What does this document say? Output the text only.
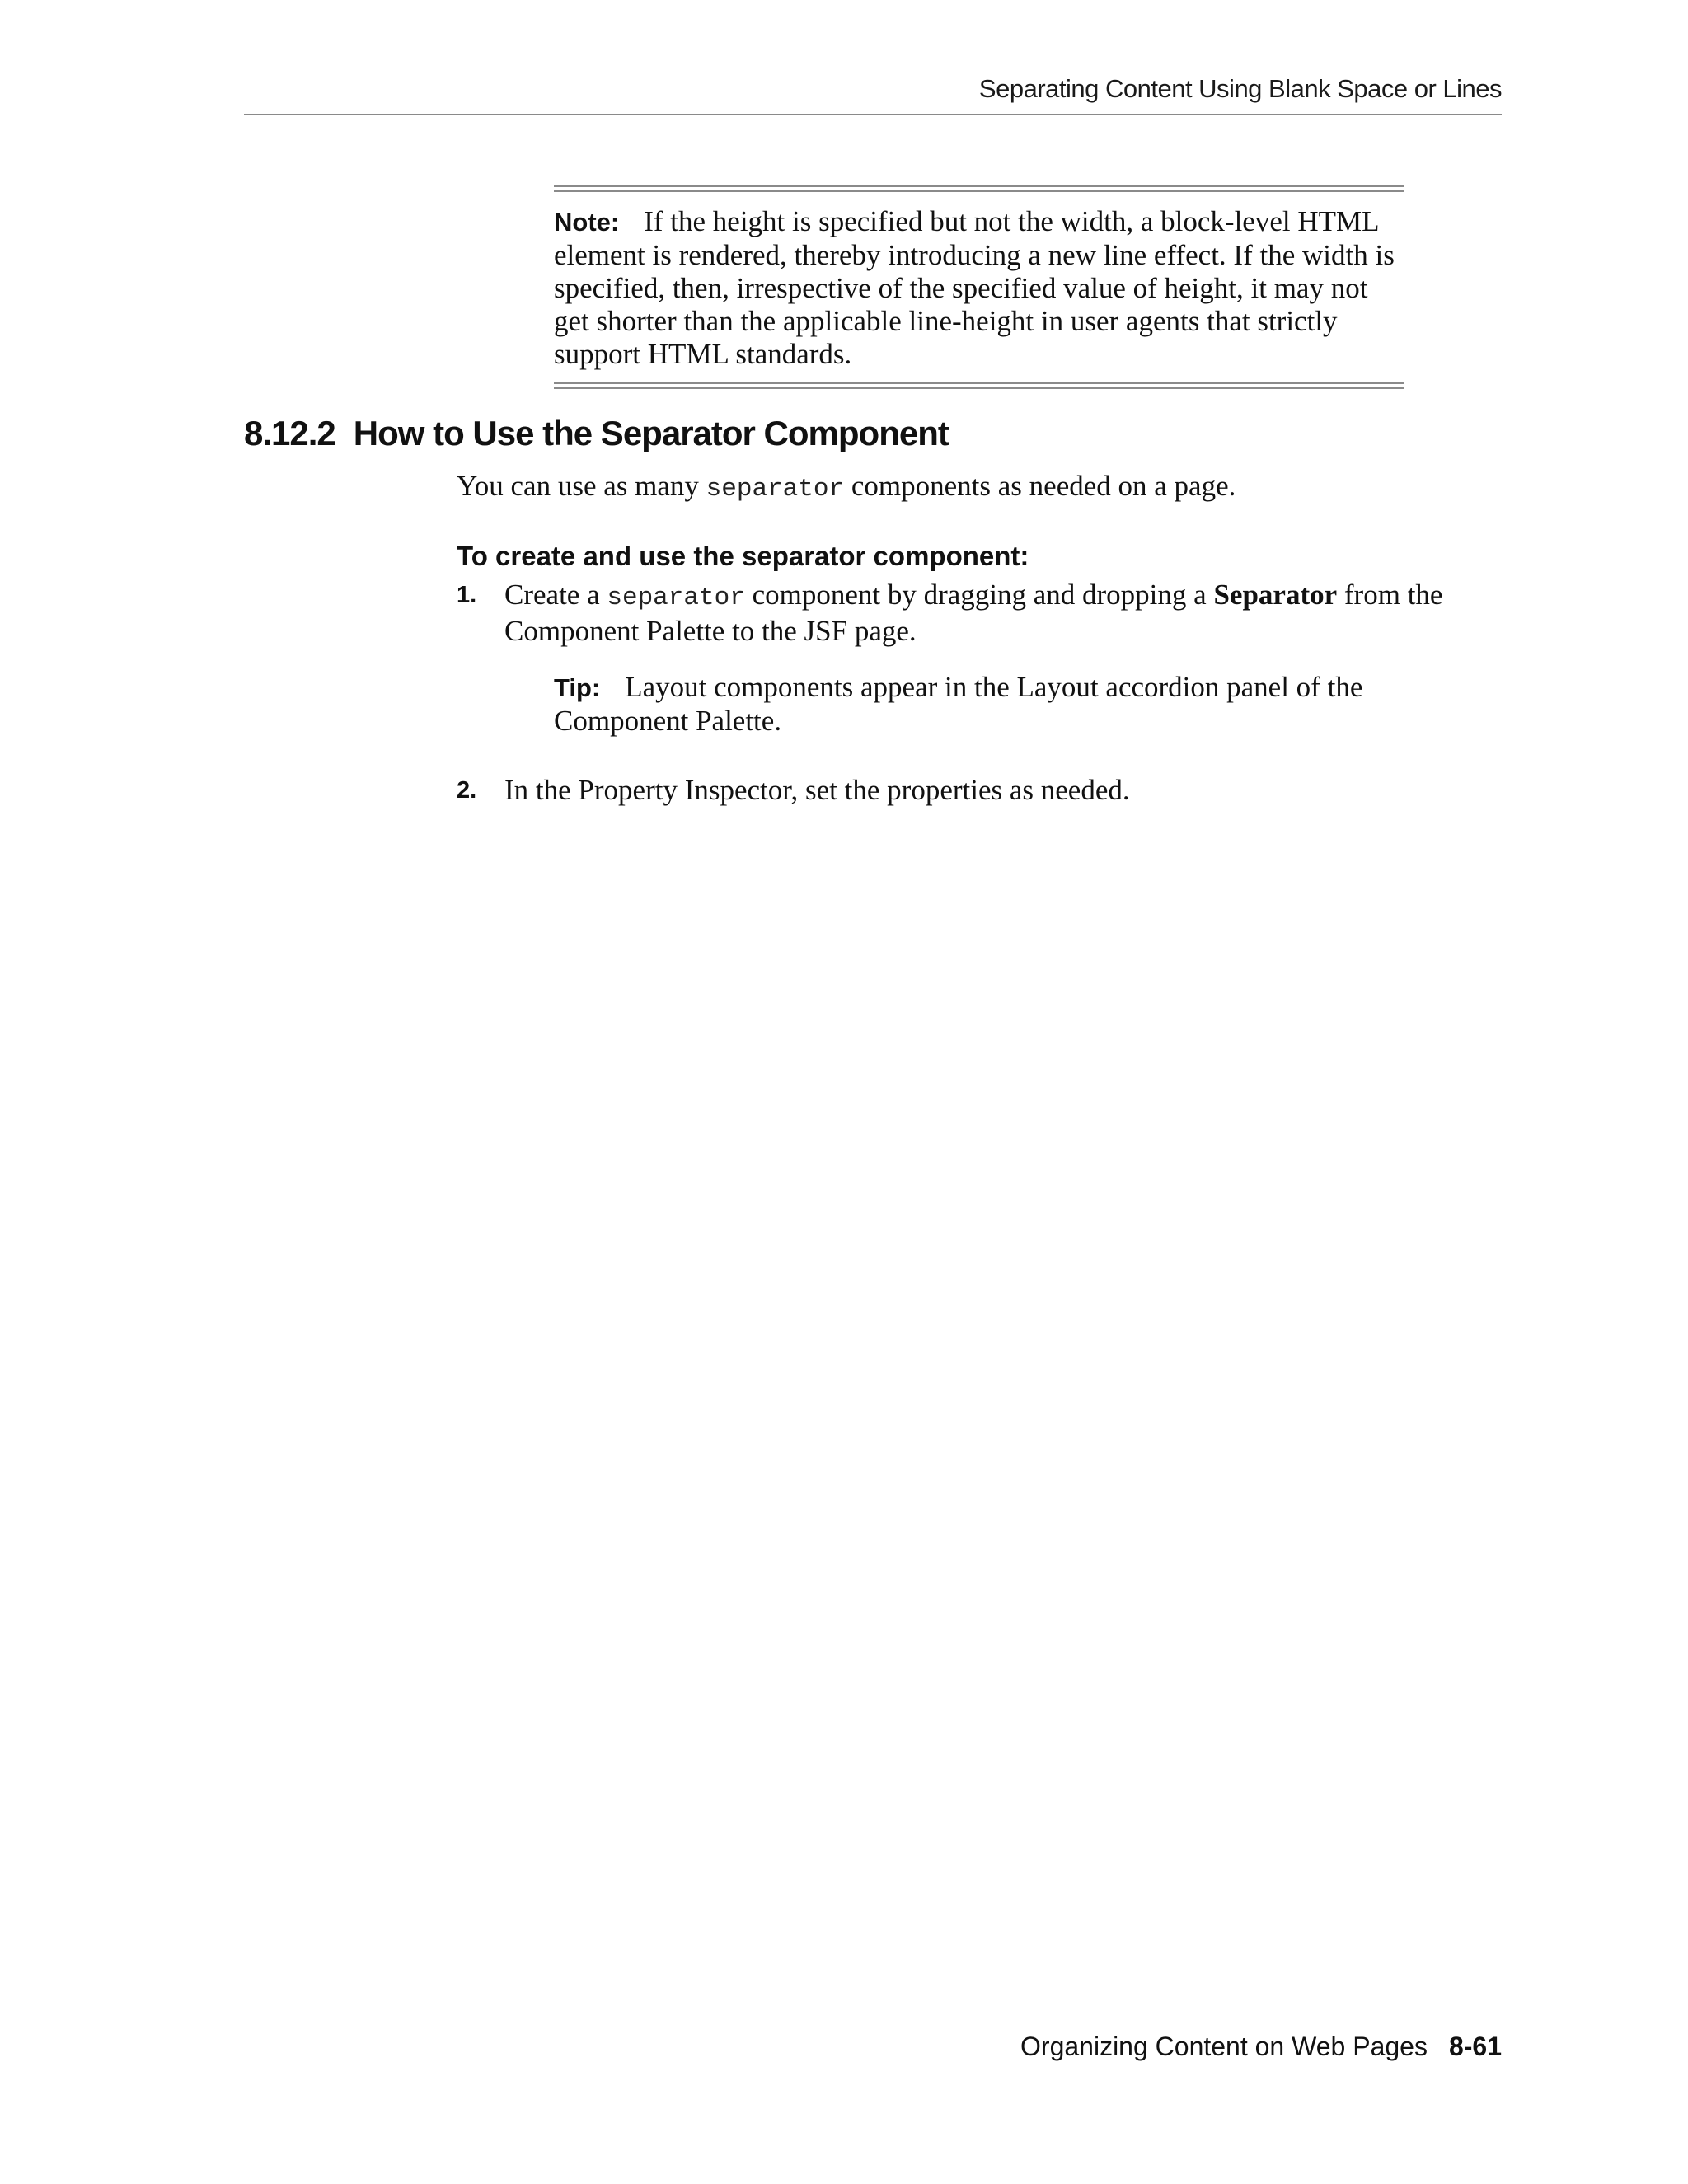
Separating Content Using Blank Space or Lines
Note: If the height is specified but not the width, a block-level HTML element is rendered, thereby introducing a new line effect. If the width is specified, then, irrespective of the specified value of height, it may not get shorter than the applicable line-height in user agents that strictly support HTML standards.
8.12.2 How to Use the Separator Component
You can use as many separator components as needed on a page.
To create and use the separator component:
1. Create a separator component by dragging and dropping a Separator from the Component Palette to the JSF page.
Tip: Layout components appear in the Layout accordion panel of the Component Palette.
2. In the Property Inspector, set the properties as needed.
Organizing Content on Web Pages 8-61
